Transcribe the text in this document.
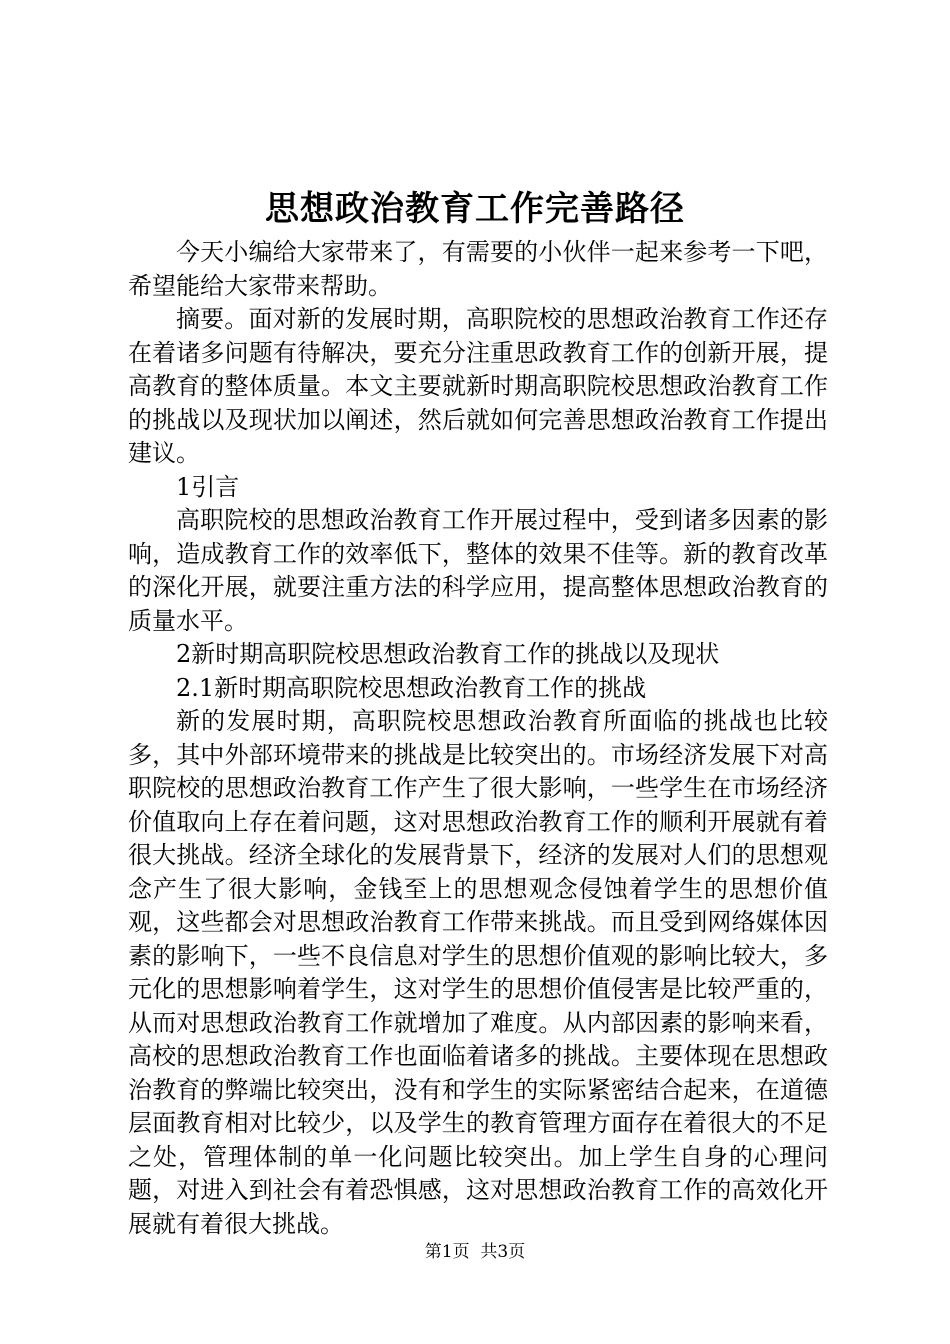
思想政治教育工作完善路径

今天小编给大家带来了，有需要的小伙伴一起来参考一下吧，希望能给大家带来帮助。

摘要。面对新的发展时期，高职院校的思想政治教育工作还存在着诸多问题有待解决，要充分注重思政教育工作的创新开展，提高教育的整体质量。本文主要就新时期高职院校思想政治教育工作的挑战以及现状加以阐述，然后就如何完善思想政治教育工作提出建议。

1引言

高职院校的思想政治教育工作开展过程中，受到诸多因素的影响，造成教育工作的效率低下，整体的效果不佳等。新的教育改革的深化开展，就要注重方法的科学应用，提高整体思想政治教育的质量水平。

2新时期高职院校思想政治教育工作的挑战以及现状

2.1新时期高职院校思想政治教育工作的挑战

新的发展时期，高职院校思想政治教育所面临的挑战也比较多，其中外部环境带来的挑战是比较突出的。市场经济发展下对高职院校的思想政治教育工作产生了很大影响，一些学生在市场经济价值取向上存在着问题，这对思想政治教育工作的顺利开展就有着很大挑战。经济全球化的发展背景下，经济的发展对人们的思想观念产生了很大影响，金钱至上的思想观念侵蚀着学生的思想价值观，这些都会对思想政治教育工作带来挑战。而且受到网络媒体因素的影响下，一些不良信息对学生的思想价值观的影响比较大，多元化的思想影响着学生，这对学生的思想价值侵害是比较严重的，从而对思想政治教育工作就增加了难度。从内部因素的影响来看，高校的思想政治教育工作也面临着诸多的挑战。主要体现在思想政治教育的弊端比较突出，没有和学生的实际紧密结合起来，在道德层面教育相对比较少，以及学生的教育管理方面存在着很大的不足之处，管理体制的单一化问题比较突出。加上学生自身的心理问题，对进入到社会有着恐惧感，这对思想政治教育工作的高效化开展就有着很大挑战。

第1页  共3页
